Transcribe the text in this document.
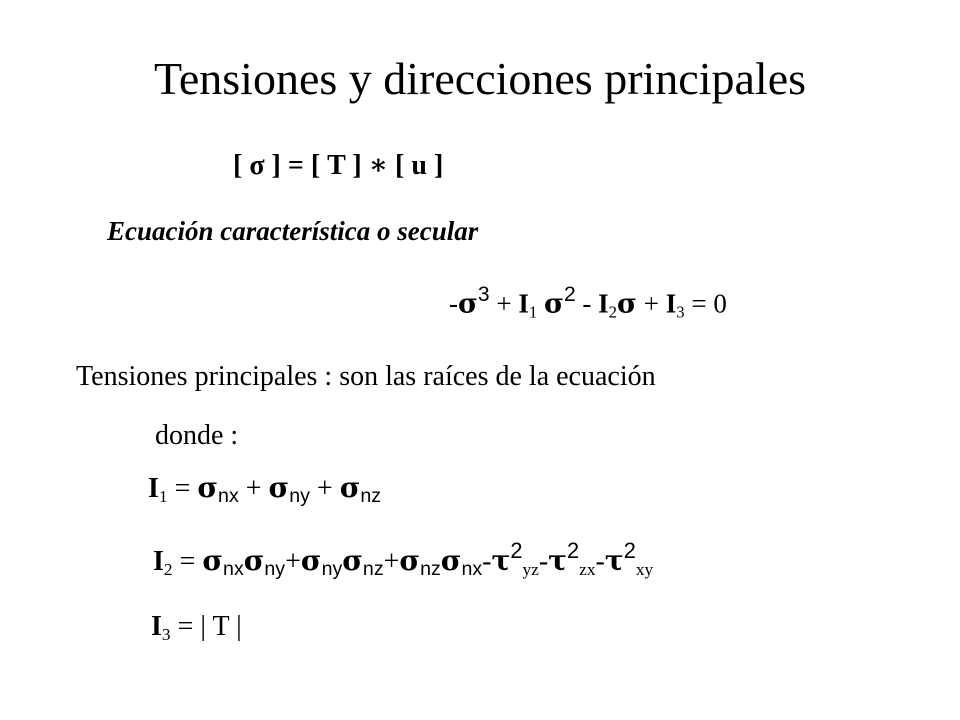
Tensiones y direcciones principales
[ σ ] = [ T ] ∗ [ u ]
Ecuación característica o secular
$-\sigma^3 + I_1$ $\sigma^2 - I_2\sigma + I_3 = 0$
Tensiones principales : son las raíces de la ecuación
donde :
$I_1 = \sigma nx + \sigma ny + \sigma nz$
$I_2 = \sigma nx\sigma ny+\sigma ny\sigma nz+\sigma nz\sigma nx-\tau^2_{yz}-\tau^2_{zx}-\tau^2_{xy}$
$I_3$ = | T |
